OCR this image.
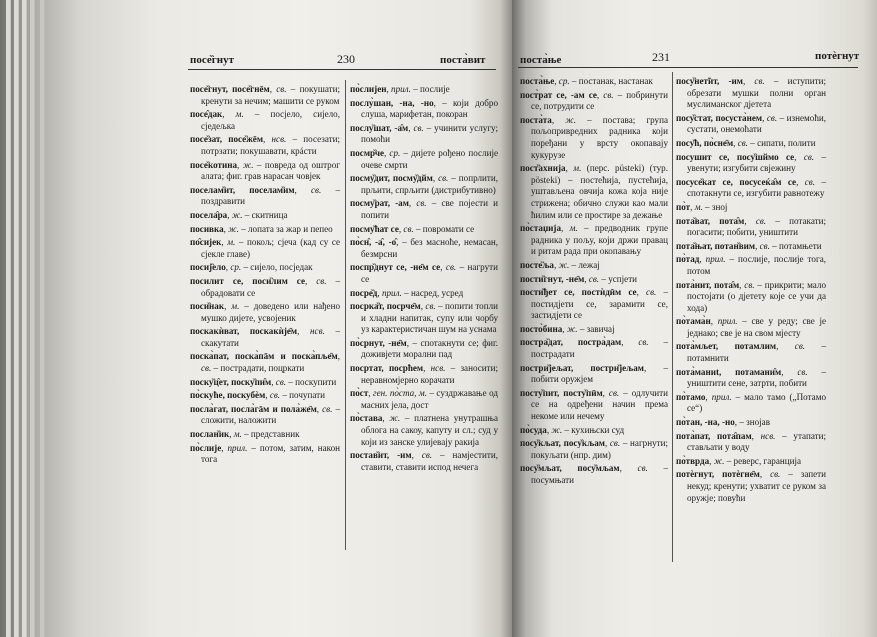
посе̏гнут	230	поста̀вит
посе̏гнут, посе̏гнēм, св. – покушати; кренути за нечим; машити се руком
посе̑дак, м. – посјело, сијело, сједељка
посе̏зат, посе̏жēм, нсв. – посезати; потрзати; покушавати, крáсти
посе̏котина, ж. – повреда од оштрог алата; фиг. грав нарасан човјек
поселам̏ит, поселам̏им, св. – поздравити
посела̑ра, ж. – скитница
посивка, ж. – лопата за жар и пепео
по̑сијек, м. – покољ; сјеча (кад су се сјекле главе)
посиј̏ело, ср. – сијело, посједак
посилит се, поси̏лим се, св. – обрадовати се
поси̏нак, м. – доведено или нађено мушко дијете, усвојеник
поскакѝват, поскакѝје̄м, нсв. – скакутати
поска̀пат, поска̀пāм и поска̀пље̄м, св. – пострадати, поцркати
поску̏ц̑ет, поску̏пи̑м, св. – поскупити
по̀скуће, поскубѐм, св. – почупати
посла̀гат, посла̀гāм и пола̀же̄м, св. – сложити, наложити
послан̏ик, м. – представник
по̀слије, прил. – потом, затим, након тога
по̀слијен, прил. – послије
послу̀шан, -на, -но, – који добро слуша, марифетан, покоран
послу̏шат, -а̑м, св. – учинити услугу; помоћи
посмр̏че, ср. – дијете рођено послије очеве смрти
посму̏дит, посму̏дйм, св. – попрлити, прљити, спрљити (дистрибутивно)
посму̏рат, -ам, св. – све појести и попити
посму̏ћат се, св. – повромати се
по̀сн̑, -а̑, -о̑, – без масноће, немасан, безмрсни
поспр̏днут се, -не̄м се, св. – нагрути се
посре̏д, прил. – насред, усред
посрка̏т, посрче̄м, св. – попити топли и хладни напитак, супу или чорбу уз карактеристичан шум на уснама
по̀срнут, -не̄м, – спотакнути се; фиг. доживјети морални пад
посртат, посрћем, нсв. – заносити; неравномјерно корачати
по̀ст, ген. по̀ста, м. – суздржавање од масних јела, дост
по̀става, ж. – платнена унутрашња облога на сакоу, капуту и сл.; суд у који из занске улијевају ракија
постав̏ит, -им, св. – намјестити, ставити, ставити испод нечега
поста̀ње	231	потѐгнут
поста̀ње, ср. – постанак, настанак
пост̀рат се, -ам се, св. – побринути се, потрудити се
поста̀та, ж. – постава; група пољопривредних радника који поређани у врсту окопавају кукурузе
пост̏ахнија, м. (перс. püsteki) (тур. pösteki) – постећија, пустећија, уштављена овчија кожа која није стрижена; обично служи као мали ћилим или се простире за дежање
по̀стаџија, м. – предводник групе радника у пољу, који држи правац и ритам рада при окопавању
посте̏ља, ж. – лежај
пости̏гнут, -не̄м, св. – успјети
пости̏ђет се, постѝдӣм се, св. – постидјети се, зарамити се, застидјети се
посто̀бина, ж. – завичај
постра̏дат, постра̀дам, св. – пострадати
постри̏јељат, постри̏јељам, – побити оружјем
посту̏пит, посту̏пӣм, св. – одлучити се на одређени начин према некоме или нечему
по̀суда, ж. – кухињски суд
посу̏кљат, посу̏кљам, св. – нагрнути; покуљати (нпр. дим)
посу̏мљат, посу̏мљам, св. – посумњати
посу̏нет̃ит, -им, св. – иступити; обрезати мушки полни орган муслиманског дјетета
посу̏стат, посуста̀нем, св. – изнемоћи, сустати, онемоћати
посу̏ћ, по̀сне̄м, св. – сипати, полити
посушит се, посу̏шймо се, св. – увенути; изгубити свјежину
посусе̏кат се, посусеќа̑м се, св. – спотакнути се, изгубити равнотежу
по̀т, м. – знoj
пота̏ват, пота̑м, св. – потакати; погасити; побити, уништити
пота̏њат, потан̏вим, св. – потамњети
по̀тад, прил. – послије, послије тога, потом
пота̀нит, пота̑м, св. – прикрити; мало постојати (о дјетету које се учи да хода)
по̀тама̀н, прил. – све у реду; све је једнако; све је на свом мјесту
пота̀мљет, потамлим, св. – потамнити
пота̀маниt, потамани̑м, св. – уништити сене, затрти, побити
по̀тамо, прил. – мало тамо („Потамо се“)
по̀тан, -на, -но, – знојав
пота̀пат, пота̑пам, нсв. – утапати; стављати у воду
по̀тврда, ж. – реверс, гаранција
потѐгнут, потѐгне̄м, св. – запети некуд; кренути; ухватит се руком за оружје; повући
